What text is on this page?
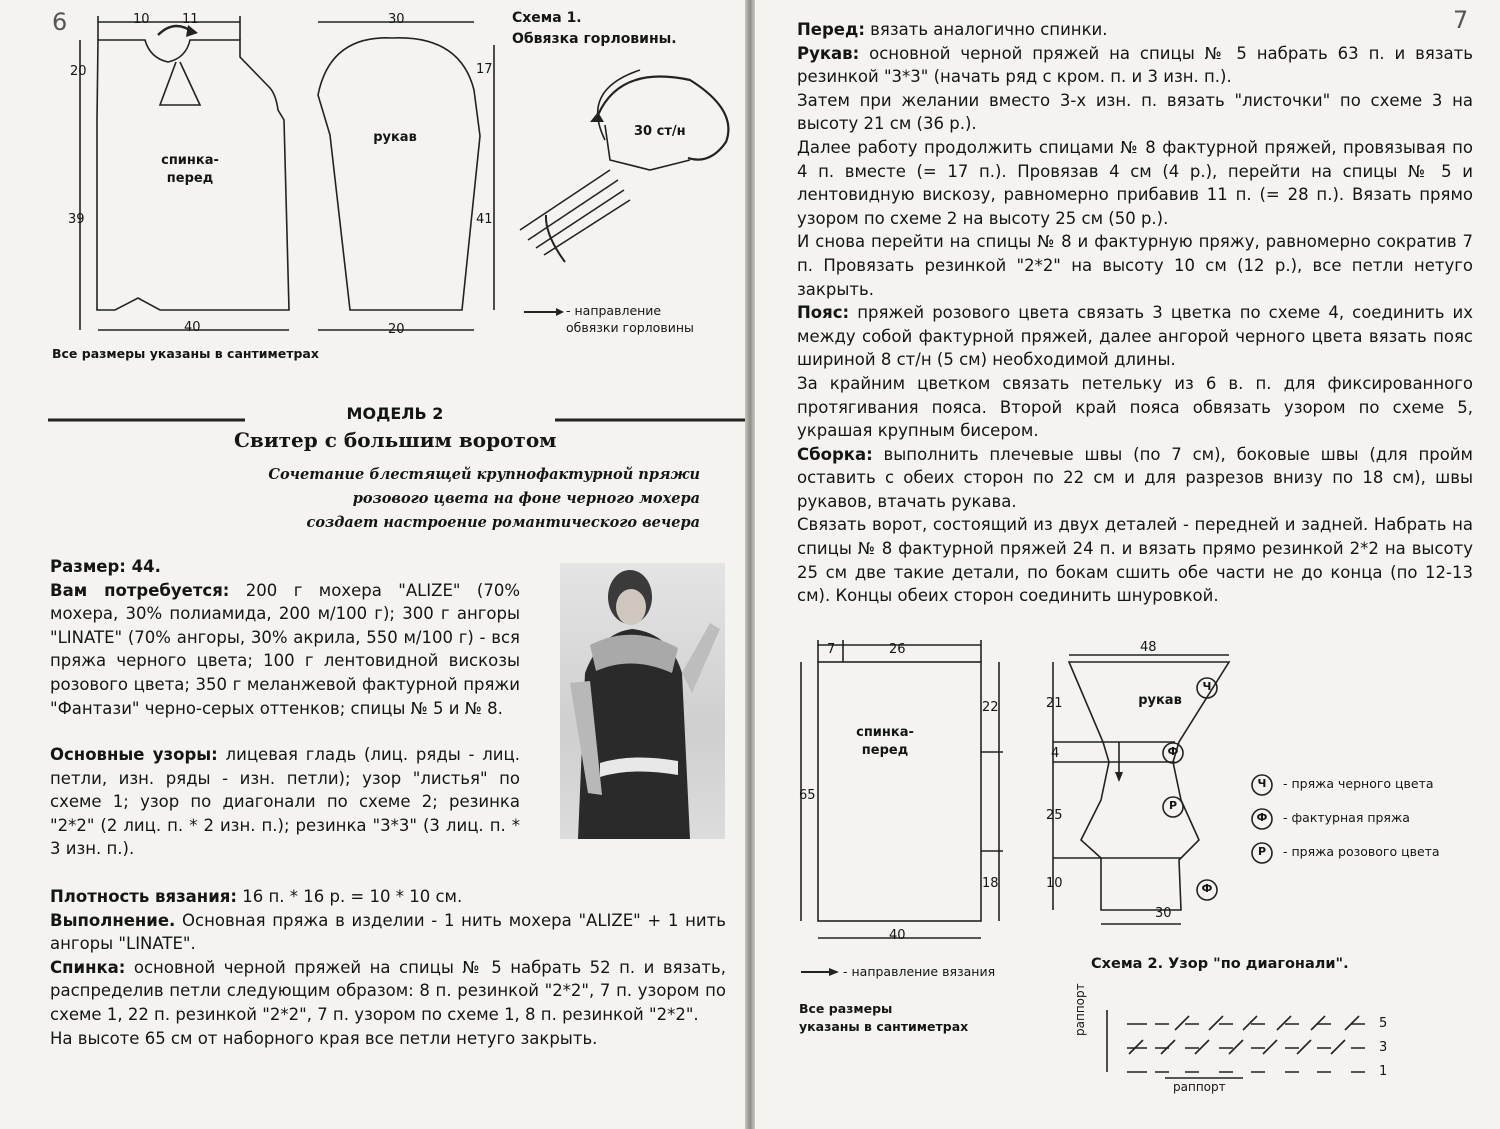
6	10 11	30
20	17
39	41
40	20
спинка-
перед
рукав
Схема 1.
Обвязка горловины.
30 ст/н
- направление
обвязки горловины
Все размеры указаны в сантиметрах
МОДЕЛЬ 2
Свитер с большим воротом
Сочетание блестящей крупнофактурной пряжи
розового цвета на фоне черного мохера
создает настроение романтического вечера
Размер: 44.
Вам потребуется: 200 г мохера "ALIZE" (70% мохера, 30% полиамида, 200 м/100 г); 300 г ангоры "LINATE" (70% ангоры, 30% акрила, 550 м/100 г) - вся пряжа черного цвета; 100 г лентовидной вискозы розового цвета; 350 г меланжевой фактурной пряжи "Фантази" черно-серых оттенков; спицы № 5 и № 8.
Основные узоры: лицевая гладь (лиц. ряды - лиц. петли, изн. ряды - изн. петли); узор "листья" по схеме 1; узор по диагонали по схеме 2; резинка "2*2" (2 лиц. п. * 2 изн. п.); резинка "3*3" (3 лиц. п. * 3 изн. п.).
Плотность вязания: 16 п. * 16 р. = 10 * 10 см.
Выполнение. Основная пряжа в изделии - 1 нить мохера "ALIZE" + 1 нить ангоры "LINATE".
Спинка: основной черной пряжей на спицы № 5 набрать 52 п. и вязать, распределив петли следующим образом: 8 п. резинкой "2*2", 7 п. узором по схеме 1, 22 п. резинкой "2*2", 7 п. узором по схеме 1, 8 п. резинкой "2*2".
На высоте 65 см от наборного края все петли нетуго закрыть.
7
Перед: вязать аналогично спинки.
Рукав: основной черной пряжей на спицы № 5 набрать 63 п. и вязать резинкой "3*3" (начать ряд с кром. п. и 3 изн. п.).
Затем при желании вместо 3-х изн. п. вязать "листочки" по схеме 3 на высоту 21 см (36 р.).
Далее работу продолжить спицами № 8 фактурной пряжей, провязывая по 4 п. вместе (= 17 п.). Провязав 4 см (4 р.), перейти на спицы № 5 и лентовидную вискозу, равномерно прибавив 11 п. (= 28 п.). Вязать прямо узором по схеме 2 на высоту 25 см (50 р.).
И снова перейти на спицы № 8 и фактурную пряжу, равномерно сократив 7 п. Провязать резинкой "2*2" на высоту 10 см (12 р.), все петли нетуго закрыть.
Пояс: пряжей розового цвета связать 3 цветка по схеме 4, соединить их между собой фактурной пряжей, далее ангорой черного цвета вязать пояс шириной 8 ст/н (5 см) необходимой длины.
За крайним цветком связать петельку из 6 в. п. для фиксированного протягивания пояса. Второй край пояса обвязать узором по схеме 5, украшая крупным бисером.
Сборка: выполнить плечевые швы (по 7 см), боковые швы (для пройм оставить с обеих сторон по 22 см и для разрезов внизу по 18 см), швы рукавов, втачать рукава.
Связать ворот, состоящий из двух деталей - передней и задней. Набрать на спицы № 8 фактурной пряжей 24 п. и вязать прямо резинкой 2*2 на высоту 25 см две такие детали, по бокам сшить обе части не до конца (по 12-13 см). Концы обеих сторон соединить шнуровкой.
7	26
22
65
18
40
спинка-
перед
48
21
4
25
10
30
рукав
Ч
Ф
Р
Ф
Ч - пряжа черного цвета
Ф - фактурная пряжа
Р	- пряжа розового цвета
- направление вязания
Все размеры
указаны в сантиметрах
Схема 2. Узор "по диагонали".
5
3
1
раппорт
раппорт
